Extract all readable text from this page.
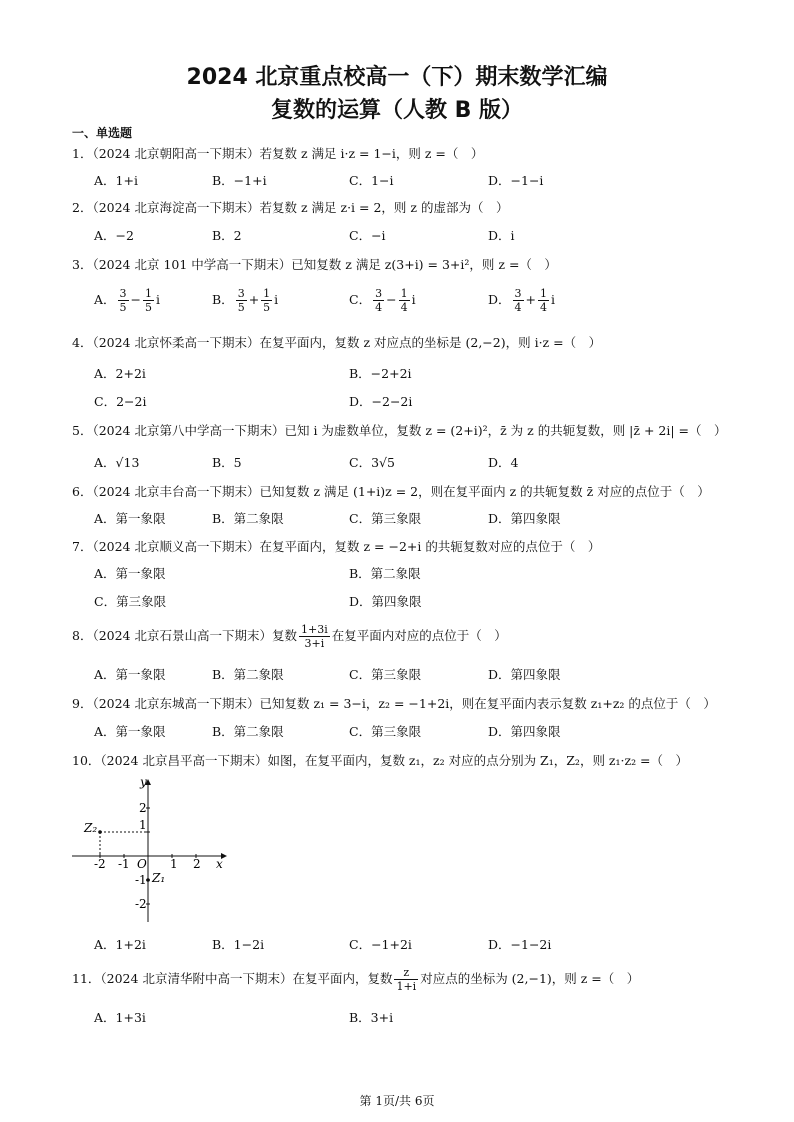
2024 北京重点校高一（下）期末数学汇编
复数的运算（人教 B 版）
一、单选题
1．（2024 北京朝阳高一下期末）若复数 z 满足 i·z = 1−i，则 z =（　）
A．1+i	B．−1+i	C．1−i	D．−1−i
2．（2024 北京海淀高一下期末）若复数 z 满足 z·i = 2，则 z 的虚部为（　）
A．−2	B．2	C．−i	D．i
3．（2024 北京 101 中学高一下期末）已知复数 z 满足 z(3+i) = 3+i²，则 z =（　）
A． $\frac{3}{5} - \frac{1}{5}$ i	B． $\frac{3}{5} + \frac{1}{5}$ i	C． $\frac{3}{4} - \frac{1}{4}$ i	D． $\frac{3}{4} + \frac{1}{4}$ i
4．（2024 北京怀柔高一下期末）在复平面内，复数 z 对应点的坐标是 (2,−2)，则 i·z =（　）
A．2+2i	B．−2+2i
C．2−2i	D．−2−2i
5．（2024 北京第八中学高一下期末）已知 i 为虚数单位，复数 z = (2+i)²，z̄ 为 z 的共轭复数，则 |z̄ + 2i| =（　）
A．√13	B．5	C．3√5	D．4
6．（2024 北京丰台高一下期末）已知复数 z 满足 (1+i)z = 2，则在复平面内 z 的共轭复数 z̄ 对应的点位于（　）
A．第一象限	B．第二象限	C．第三象限	D．第四象限
7．（2024 北京顺义高一下期末）在复平面内，复数 z = −2+i 的共轭复数对应的点位于（　）
A．第一象限	B．第二象限
C．第三象限	D．第四象限
8．（2024 北京石景山高一下期末）复数 $\frac{1+3i}{3+i}$ 在复平面内对应的点位于（　）
A．第一象限	B．第二象限	C．第三象限	D．第四象限
9．（2024 北京东城高一下期末）已知复数 z₁ = 3−i，z₂ = −1+2i，则在复平面内表示复数 z₁+z₂ 的点位于（　）
A．第一象限	B．第二象限	C．第三象限	D．第四象限
10．（2024 北京昌平高一下期末）如图，在复平面内，复数 z₁，z₂ 对应的点分别为 Z₁，Z₂，则 z₁·z₂ =（　）
-2 -1	1 2
2
1
-1
-2
O	x
y
Z₁
Z₂
A．1+2i	B．1−2i	C．−1+2i	D．−1−2i
11．（2024 北京清华附中高一下期末）在复平面内，复数 $\frac{z}{1+i}$ 对应点的坐标为 (2,−1)，则 z =（　）
A．1+3i	B．3+i
第 1页/共 6页
